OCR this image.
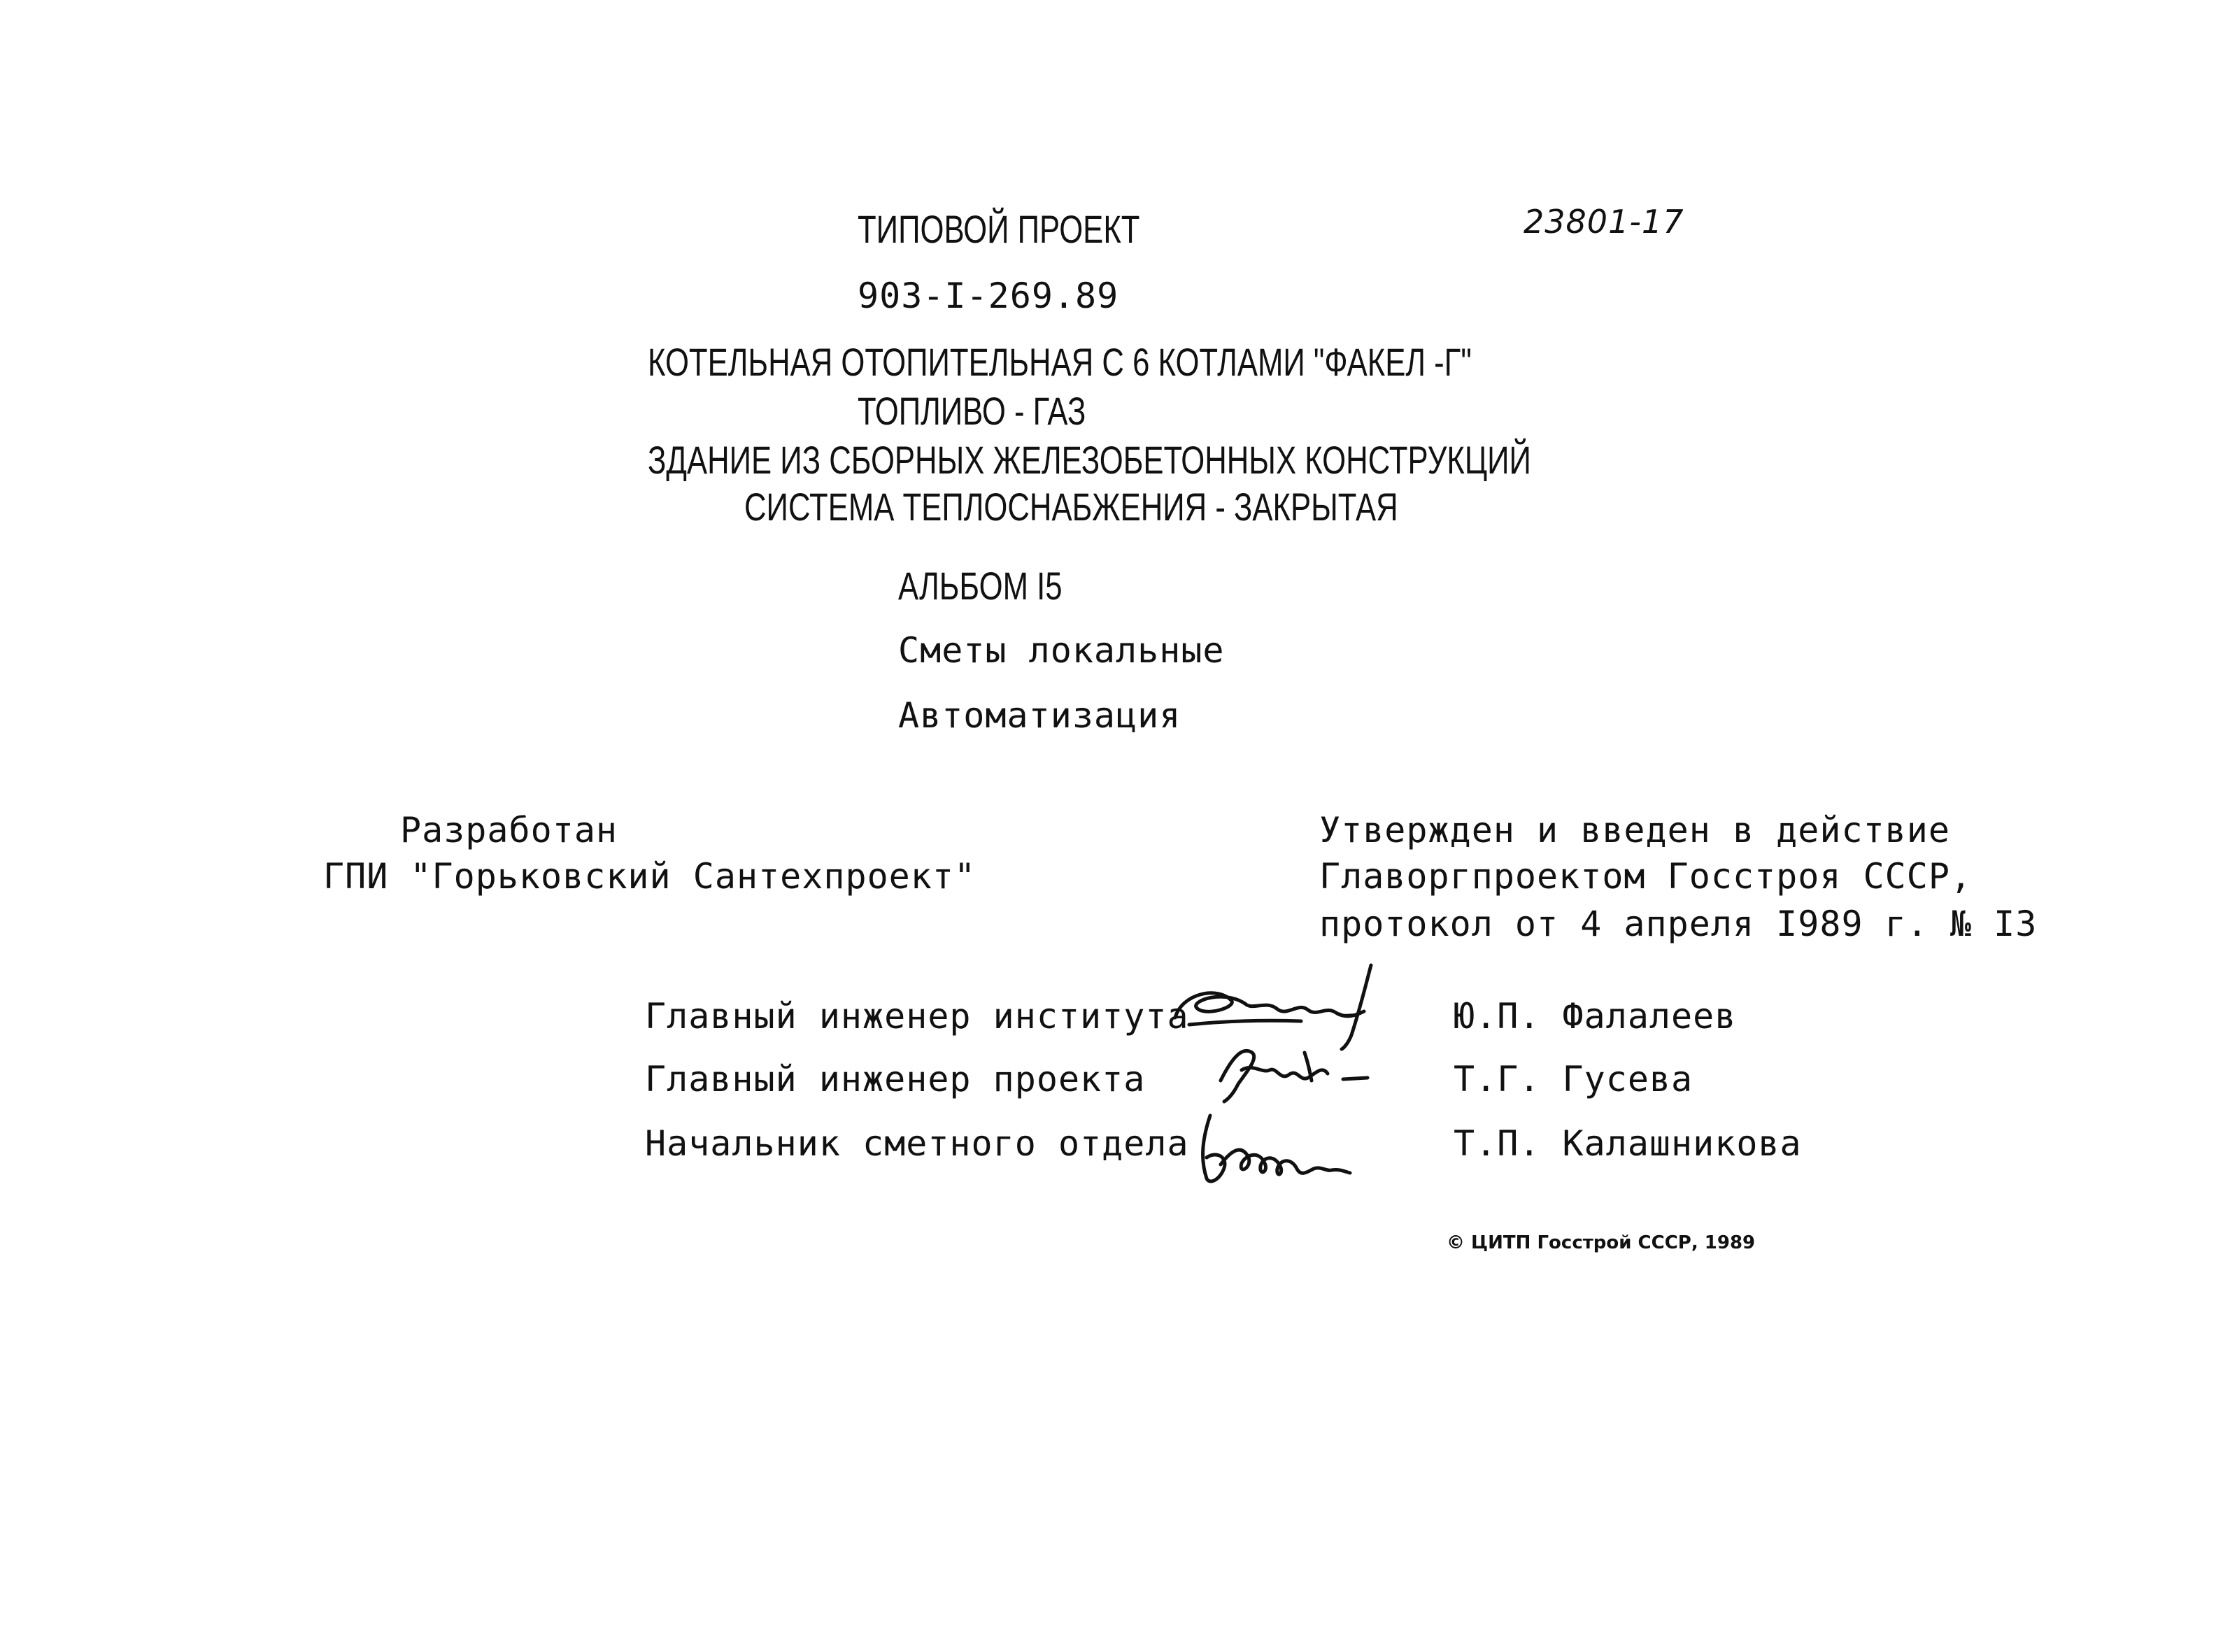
ТИПОВОЙ ПРОЕКТ	23801-17
903-I-269.89
КОТЕЛЬНАЯ ОТОПИТЕЛЬНАЯ С 6 КОТЛАМИ "ФАКЕЛ -Г"
ТОПЛИВО - ГАЗ
ЗДАНИЕ ИЗ СБОРНЫХ ЖЕЛЕЗОБЕТОННЫХ КОНСТРУКЦИЙ
СИСТЕМА ТЕПЛОСНАБЖЕНИЯ - ЗАКРЫТАЯ
АЛЬБОМ I5
Сметы локальные
Автоматизация
Разработан
ГПИ "Горьковский Сантехпроект"
Утвержден и введен в действие
Главоргпроектом Госстроя СССР,
протокол от 4 апреля I989 г. № I3
Главный инженер института	Ю.П. Фалалеев
Главный инженер проекта	Т.Г. Гусева
Начальник сметного отдела	Т.П. Калашникова
© ЦИТП Госстрой СССР, 1989
